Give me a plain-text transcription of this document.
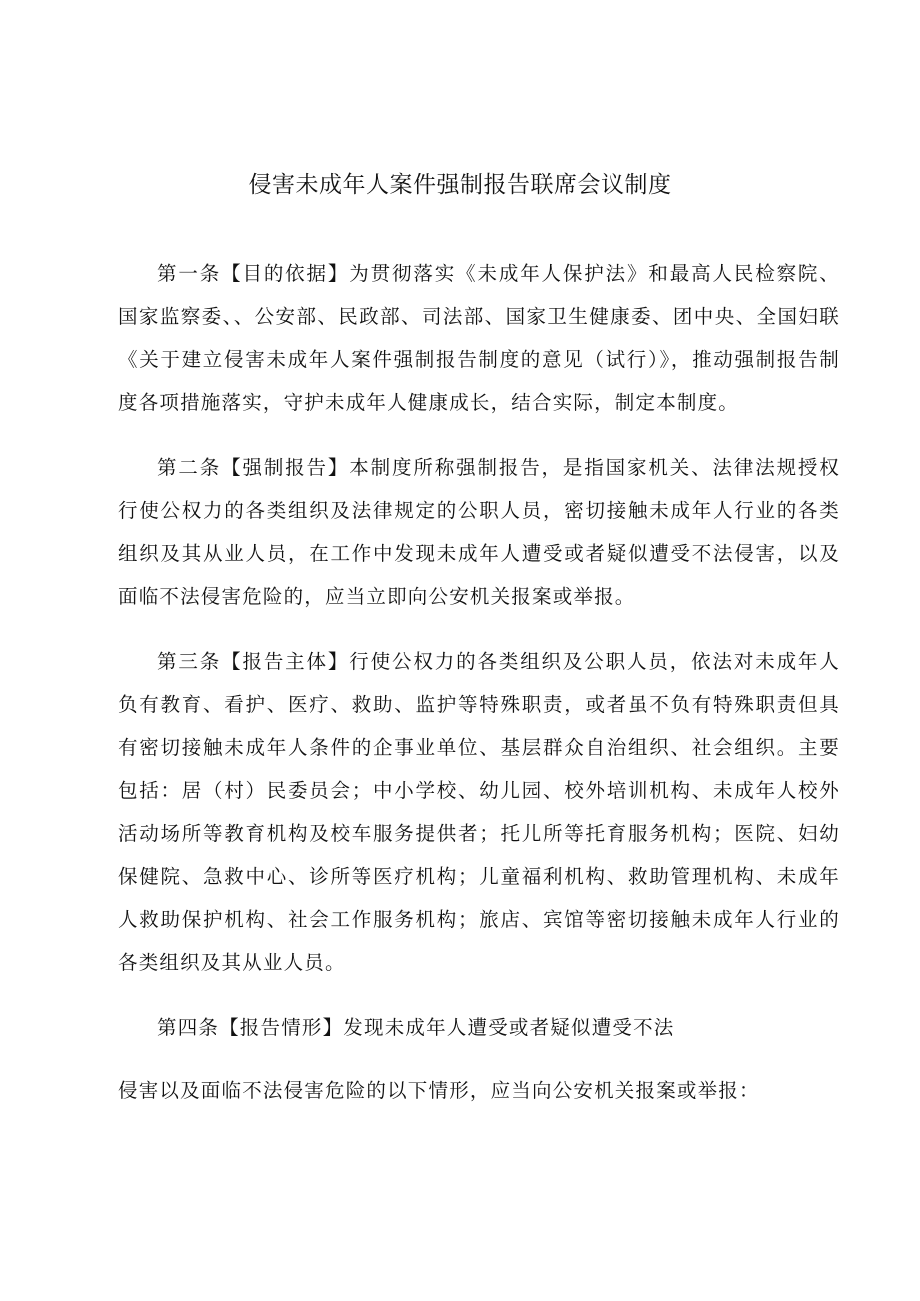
侵害未成年人案件强制报告联席会议制度

第一条【目的依据】为贯彻落实《未成年人保护法》和最高人民检察院、国家监察委、、公安部、民政部、司法部、国家卫生健康委、团中央、全国妇联《关于建立侵害未成年人案件强制报告制度的意见（试行）》，推动强制报告制度各项措施落实，守护未成年人健康成长，结合实际，制定本制度。

第二条【强制报告】本制度所称强制报告，是指国家机关、法律法规授权行使公权力的各类组织及法律规定的公职人员，密切接触未成年人行业的各类组织及其从业人员，在工作中发现未成年人遭受或者疑似遭受不法侵害，以及面临不法侵害危险的，应当立即向公安机关报案或举报。

第三条【报告主体】行使公权力的各类组织及公职人员，依法对未成年人负有教育、看护、医疗、救助、监护等特殊职责，或者虽不负有特殊职责但具有密切接触未成年人条件的企事业单位、基层群众自治组织、社会组织。主要包括：居（村）民委员会；中小学校、幼儿园、校外培训机构、未成年人校外活动场所等教育机构及校车服务提供者；托儿所等托育服务机构；医院、妇幼保健院、急救中心、诊所等医疗机构；儿童福利机构、救助管理机构、未成年人救助保护机构、社会工作服务机构；旅店、宾馆等密切接触未成年人行业的各类组织及其从业人员。

第四条【报告情形】发现未成年人遭受或者疑似遭受不法

侵害以及面临不法侵害危险的以下情形，应当向公安机关报案或举报：
